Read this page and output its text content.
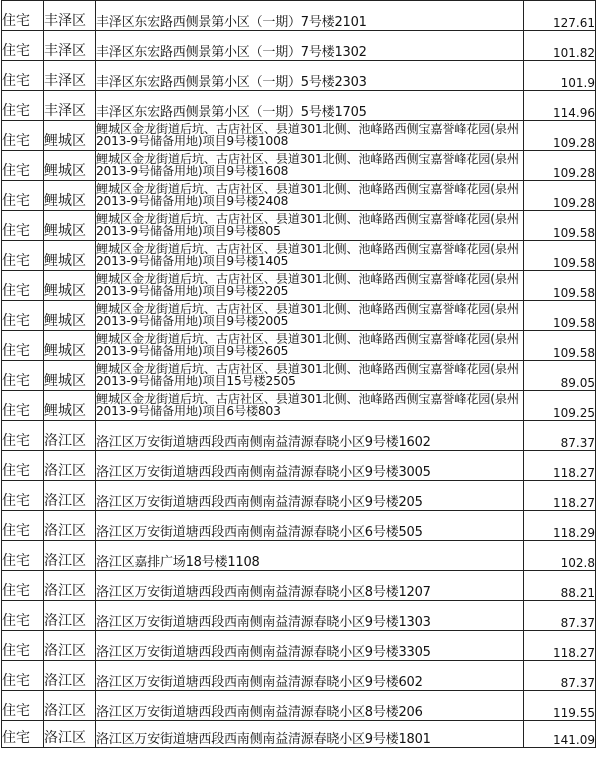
住宅	丰泽区	丰泽区东宏路西侧景第小区（一期）7号楼2101	127.61
住宅	丰泽区	丰泽区东宏路西侧景第小区（一期）7号楼1302	101.82
住宅	丰泽区	丰泽区东宏路西侧景第小区（一期）5号楼2303	101.9
住宅	丰泽区	丰泽区东宏路西侧景第小区（一期）5号楼1705	114.96
住宅	鲤城区	鲤城区金龙街道后坑、古店社区、县道301北侧、池峰路西侧宝嘉誉峰花园(泉州2013-9号储备用地)项目9号楼1008	109.28
住宅	鲤城区	鲤城区金龙街道后坑、古店社区、县道301北侧、池峰路西侧宝嘉誉峰花园(泉州2013-9号储备用地)项目9号楼1608	109.28
住宅	鲤城区	鲤城区金龙街道后坑、古店社区、县道301北侧、池峰路西侧宝嘉誉峰花园(泉州2013-9号储备用地)项目9号楼2408	109.28
住宅	鲤城区	鲤城区金龙街道后坑、古店社区、县道301北侧、池峰路西侧宝嘉誉峰花园(泉州2013-9号储备用地)项目9号楼805	109.58
住宅	鲤城区	鲤城区金龙街道后坑、古店社区、县道301北侧、池峰路西侧宝嘉誉峰花园(泉州2013-9号储备用地)项目9号楼1405	109.58
住宅	鲤城区	鲤城区金龙街道后坑、古店社区、县道301北侧、池峰路西侧宝嘉誉峰花园(泉州2013-9号储备用地)项目9号楼2205	109.58
住宅	鲤城区	鲤城区金龙街道后坑、古店社区、县道301北侧、池峰路西侧宝嘉誉峰花园(泉州2013-9号储备用地)项目9号楼2005	109.58
住宅	鲤城区	鲤城区金龙街道后坑、古店社区、县道301北侧、池峰路西侧宝嘉誉峰花园(泉州2013-9号储备用地)项目9号楼2605	109.58
住宅	鲤城区	鲤城区金龙街道后坑、古店社区、县道301北侧、池峰路西侧宝嘉誉峰花园(泉州2013-9号储备用地)项目15号楼2505	89.05
住宅	鲤城区	鲤城区金龙街道后坑、古店社区、县道301北侧、池峰路西侧宝嘉誉峰花园(泉州2013-9号储备用地)项目6号楼803	109.25
住宅	洛江区	洛江区万安街道塘西段西南侧南益清源春晓小区9号楼1602	87.37
住宅	洛江区	洛江区万安街道塘西段西南侧南益清源春晓小区9号楼3005	118.27
住宅	洛江区	洛江区万安街道塘西段西南侧南益清源春晓小区9号楼205	118.27
住宅	洛江区	洛江区万安街道塘西段西南侧南益清源春晓小区6号楼505	118.29
住宅	洛江区	洛江区嘉排广场18号楼1108	102.8
住宅	洛江区	洛江区万安街道塘西段西南侧南益清源春晓小区8号楼1207	88.21
住宅	洛江区	洛江区万安街道塘西段西南侧南益清源春晓小区9号楼1303	87.37
住宅	洛江区	洛江区万安街道塘西段西南侧南益清源春晓小区9号楼3305	118.27
住宅	洛江区	洛江区万安街道塘西段西南侧南益清源春晓小区9号楼602	87.37
住宅	洛江区	洛江区万安街道塘西段西南侧南益清源春晓小区8号楼206	119.55
住宅	洛江区	洛江区万安街道塘西段西南侧南益清源春晓小区9号楼1801	141.09
